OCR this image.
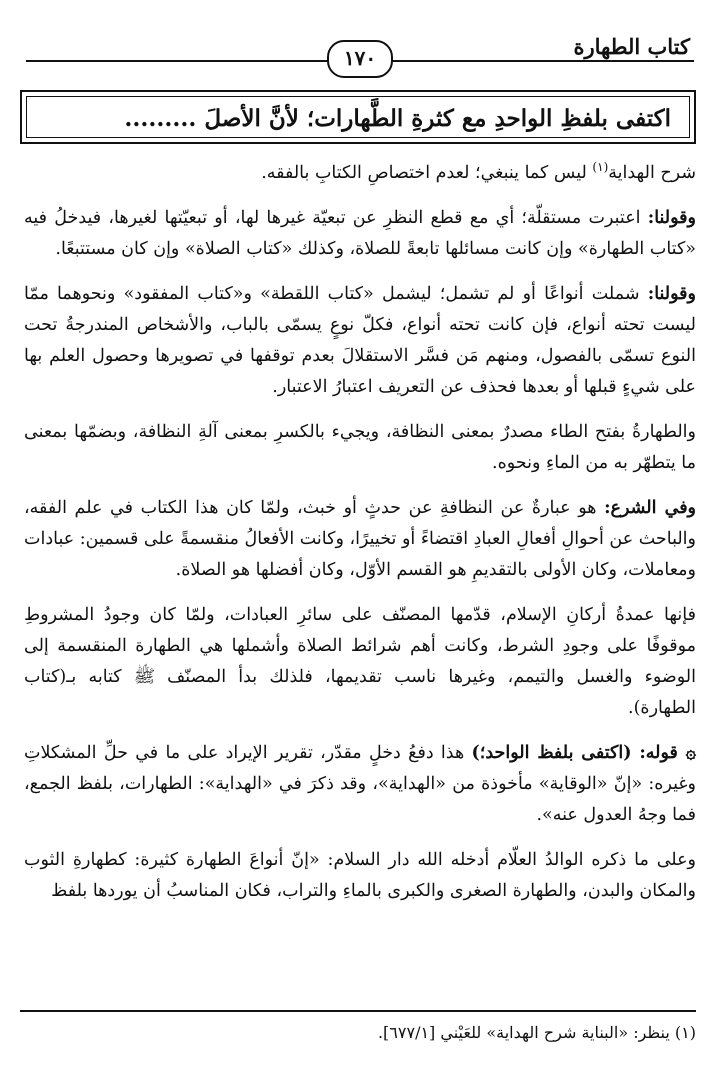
كتاب الطهارة
١٧٠
اكتفى بلفظِ الواحدِ مع كثرةِ الطَّهارات؛ لأنَّ الأصلَ .........

شرح الهداية$^{(١)}$ ليس كما ينبغي؛ لعدم اختصاصِ الكتابِ بالفقه.

وقولنا: اعتبرت مستقلّة؛ أي مع قطع النظرِ عن تبعيّة غيرها لها، أو تبعيّتها لغيرها، فيدخلُ فيه «كتاب الطهارة» وإن كانت مسائلها تابعةً للصلاة، وكذلك «كتاب الصلاة» وإن كان مستتبعًا.

وقولنا: شملت أنواعًا أو لم تشمل؛ ليشمل «كتاب اللقطة» و«كتاب المفقود» ونحوهما ممّا ليست تحته أنواع، فإن كانت تحته أنواع، فكلّ نوعٍ يسمّى بالباب، والأشخاص المندرجةُ تحت النوع تسمّى بالفصول، ومنهم مَن فسَّر الاستقلالَ بعدم توقفها في تصويرها وحصول العلم بها على شيءٍ قبلها أو بعدها فحذف عن التعريف اعتبارُ الاعتبار.

والطهارةُ بفتح الطاء مصدرٌ بمعنى النظافة، ويجيء بالكسرِ بمعنى آلةِ النظافة، وبضمّها بمعنى ما يتطهّر به من الماءِ ونحوه.

وفي الشرع: هو عبارةٌ عن النظافةِ عن حدثٍ أو خبث، ولمّا كان هذا الكتاب في علم الفقه، والباحث عن أحوالِ أفعالِ العبادِ اقتضاءً أو تخييرًا، وكانت الأفعالُ منقسمةً على قسمين: عبادات ومعاملات، وكان الأولى بالتقديمِ هو القسم الأوّل، وكان أفضلها هو الصلاة.

فإنها عمدةُ أركانِ الإسلام، قدّمها المصنّف على سائرِ العبادات، ولمّا كان وجودُ المشروطِ موقوفًا على وجودِ الشرط، وكانت أهم شرائط الصلاة وأشملها هي الطهارة المنقسمة إلى الوضوء والغسل والتيمم، وغيرها ناسب تقديمها، فلذلك بدأ المصنّف ﷺ كتابه بـ(كتاب الطهارة).

۞ قوله: (اكتفى بلفظ الواحد؛) هذا دفعُ دخلٍ مقدّر، تقرير الإيراد على ما في حلِّ المشكلاتِ وغيره: «إنّ «الوقاية» مأخوذة من «الهداية»، وقد ذكرَ في «الهداية»: الطهارات، بلفظ الجمع، فما وجهُ العدول عنه».

وعلى ما ذكره الوالدُ العلّام أدخله الله دار السلام: «إنّ أنواعَ الطهارة كثيرة: كطهارةِ الثوب والمكان والبدن، والطهارة الصغرى والكبرى بالماءِ والتراب، فكان المناسبُ أن يوردها بلفظ

(١) ينظر: «البناية شرح الهداية» للعَيْني [٦٧٧/١].
